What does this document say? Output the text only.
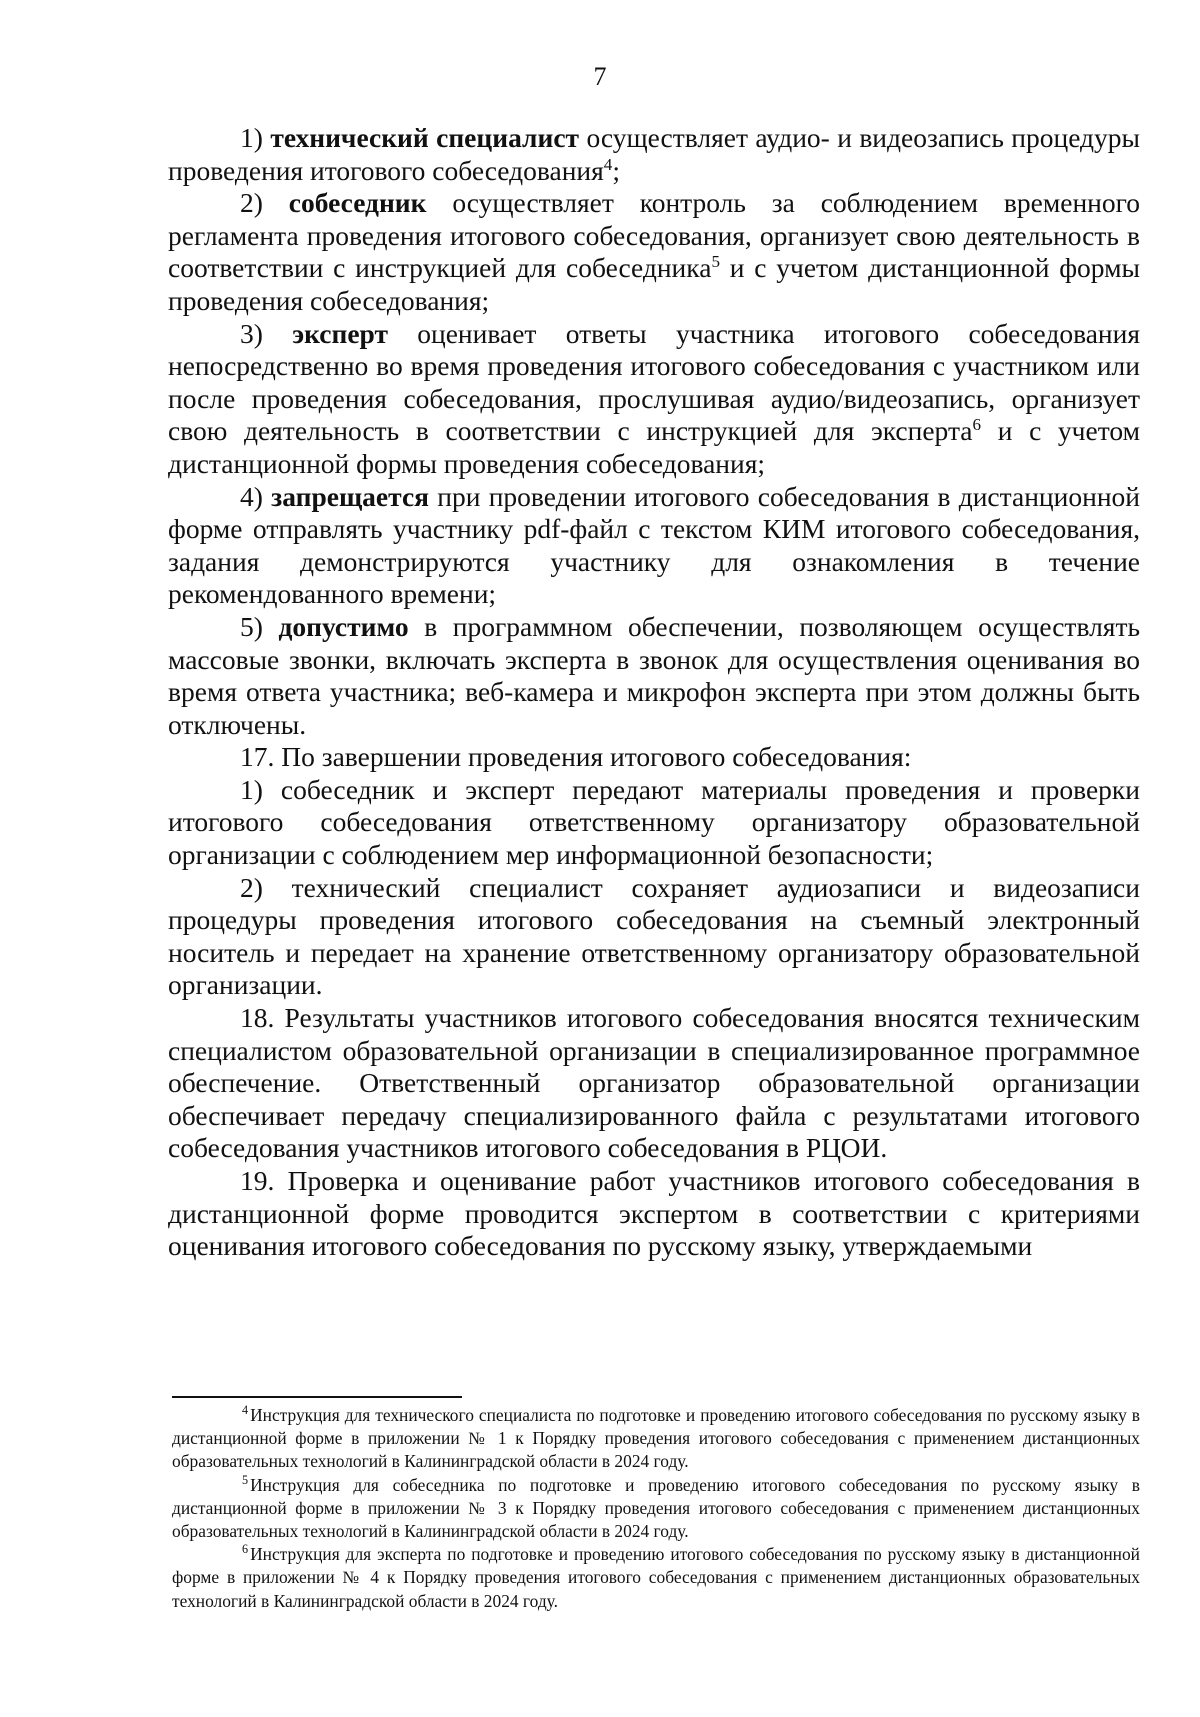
7

1) технический специалист осуществляет аудио- и видеозапись процедуры проведения итогового собеседования$^4$;

2) собеседник осуществляет контроль за соблюдением временного регламента проведения итогового собеседования, организует свою деятельность в соответствии с инструкцией для собеседника$^5$ и с учетом дистанционной формы проведения собеседования;

3) эксперт оценивает ответы участника итогового собеседования непосредственно во время проведения итогового собеседования с участником или после проведения собеседования, прослушивая аудио/видеозапись, организует свою деятельность в соответствии с инструкцией для эксперта$^6$ и с учетом дистанционной формы проведения собеседования;

4) запрещается при проведении итогового собеседования в дистанционной форме отправлять участнику pdf-файл с текстом КИМ итогового собеседования, задания демонстрируются участнику для ознакомления в течение рекомендованного времени;

5) допустимо в программном обеспечении, позволяющем осуществлять массовые звонки, включать эксперта в звонок для осуществления оценивания во время ответа участника; веб-камера и микрофон эксперта при этом должны быть отключены.

17. По завершении проведения итогового собеседования:

1) собеседник и эксперт передают материалы проведения и проверки итогового собеседования ответственному организатору образовательной организации с соблюдением мер информационной безопасности;

2) технический специалист сохраняет аудиозаписи и видеозаписи процедуры проведения итогового собеседования на съемный электронный носитель и передает на хранение ответственному организатору образовательной организации.

18. Результаты участников итогового собеседования вносятся техническим специалистом образовательной организации в специализированное программное обеспечение. Ответственный организатор образовательной организации обеспечивает передачу специализированного файла с результатами итогового собеседования участников итогового собеседования в РЦОИ.

19. Проверка и оценивание работ участников итогового собеседования в дистанционной форме проводится экспертом в соответствии с критериями оценивания итогового собеседования по русскому языку, утверждаемыми

$^4$ Инструкция для технического специалиста по подготовке и проведению итогового собеседования по русскому языку в дистанционной форме в приложении № 1 к Порядку проведения итогового собеседования с применением дистанционных образовательных технологий в Калининградской области в 2024 году.

$^5$ Инструкция для собеседника по подготовке и проведению итогового собеседования по русскому языку в дистанционной форме в приложении № 3 к Порядку проведения итогового собеседования с применением дистанционных образовательных технологий в Калининградской области в 2024 году.

$^6$ Инструкция для эксперта по подготовке и проведению итогового собеседования по русскому языку в дистанционной форме в приложении № 4 к Порядку проведения итогового собеседования с применением дистанционных образовательных технологий в Калининградской области в 2024 году.
